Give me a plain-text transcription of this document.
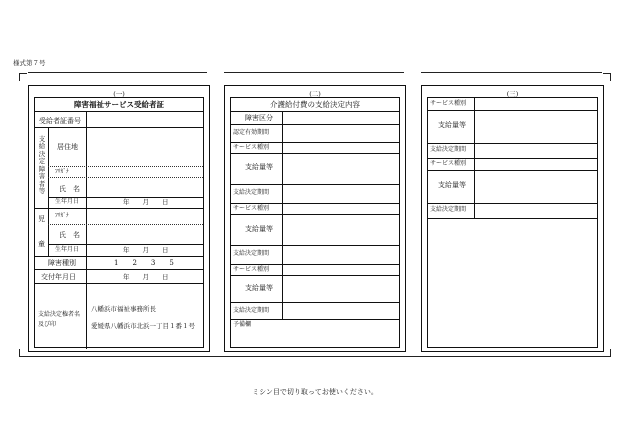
様式第７号
(一)
障害福祉サービス受給者証
受給者証番号
支給決定障害者等
居住地
ﾌﾘｶﾞﾅ
氏　名
生年月日	年　　月　　日
児
童
ﾌﾘｶﾞﾅ
氏　名
生年月日	年　　月　　日
障害種別	1　　2　　3　　5
交付年月日	年　　月　　日
支給決定権者名及び印
八幡浜市福祉事務所長
愛媛県八幡浜市北浜一丁目１番１号
(二)
介護給付費の支給決定内容
障害区分
認定有効期間
サービス種別
支給量等
支給決定期間
サービス種別
支給量等
支給決定期間
サービス種別
支給量等
支給決定期間
予備欄
(三)
サービス種別
支給量等
支給決定期間
サービス種別
支給量等
支給決定期間
ミシン目で切り取ってお使いください。
